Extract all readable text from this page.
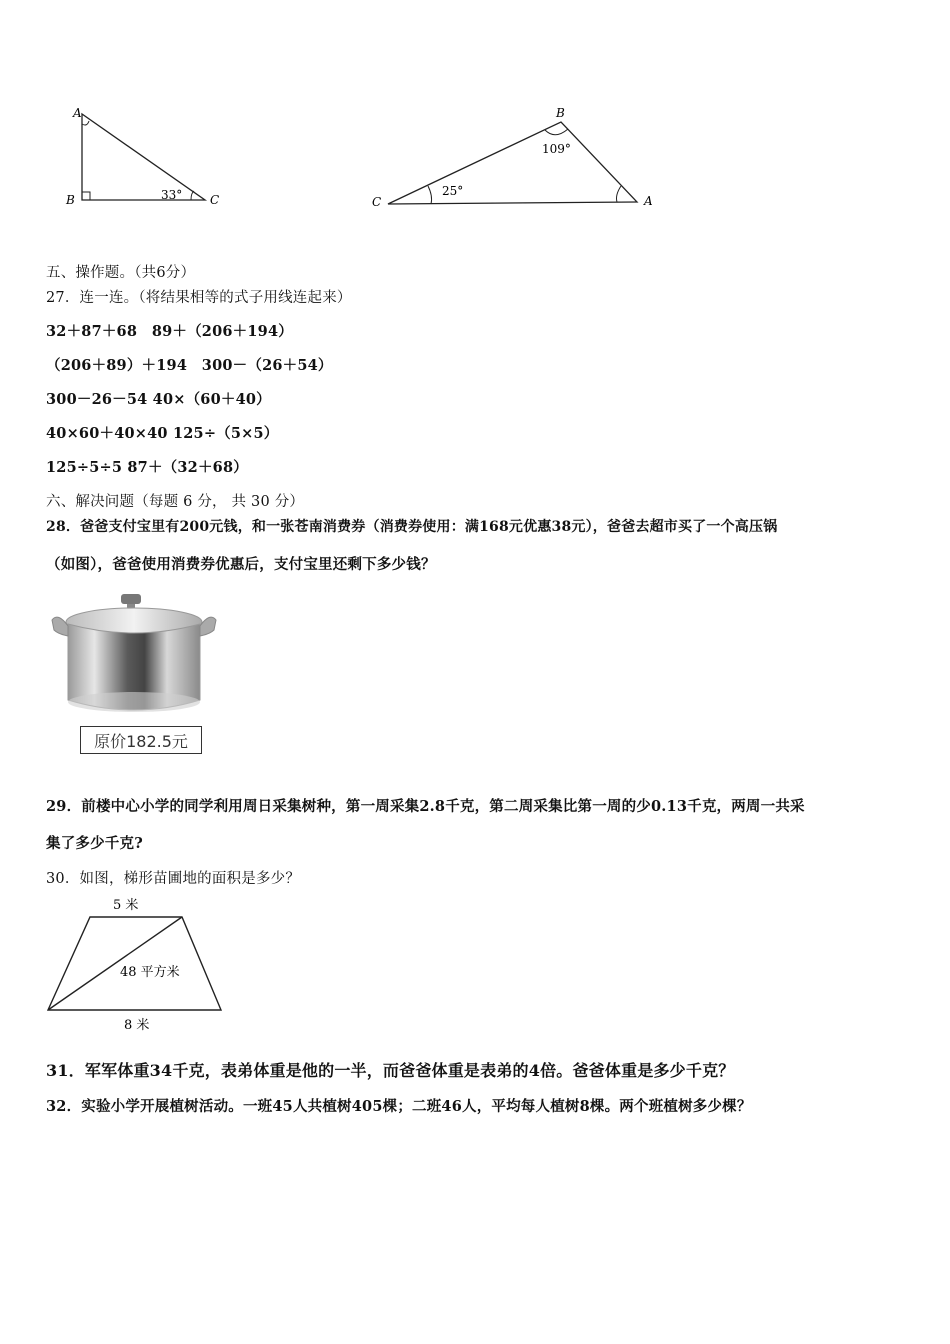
A
B	C
33°	A
B
C
109°
25°
五、操作题。（共6分）
27．连一连。（将结果相等的式子用线连起来）
32＋87＋68　89＋（206＋194）
（206＋89）＋194　300－（26＋54）
300－26－54 40×（60＋40）
40×60＋40×40 125÷（5×5）
125÷5÷5 87＋（32＋68）
六、解决问题（每题 6 分， 共 30 分）
28．爸爸支付宝里有200元钱，和一张苍南消费券（消费券使用：满168元优惠38元），爸爸去超市买了一个高压锅
（如图），爸爸使用消费券优惠后，支付宝里还剩下多少钱？
原价182.5元
29．前楼中心小学的同学利用周日采集树种，第一周采集2.8千克，第二周采集比第一周的少0.13千克，两周一共采
集了多少千克?
30．如图，梯形苗圃地的面积是多少？
5 米
48 平方米
8 米
31．军军体重34千克，表弟体重是他的一半，而爸爸体重是表弟的4倍。爸爸体重是多少千克？
32．实验小学开展植树活动。一班45人共植树405棵；二班46人，平均每人植树8棵。两个班植树多少棵？
